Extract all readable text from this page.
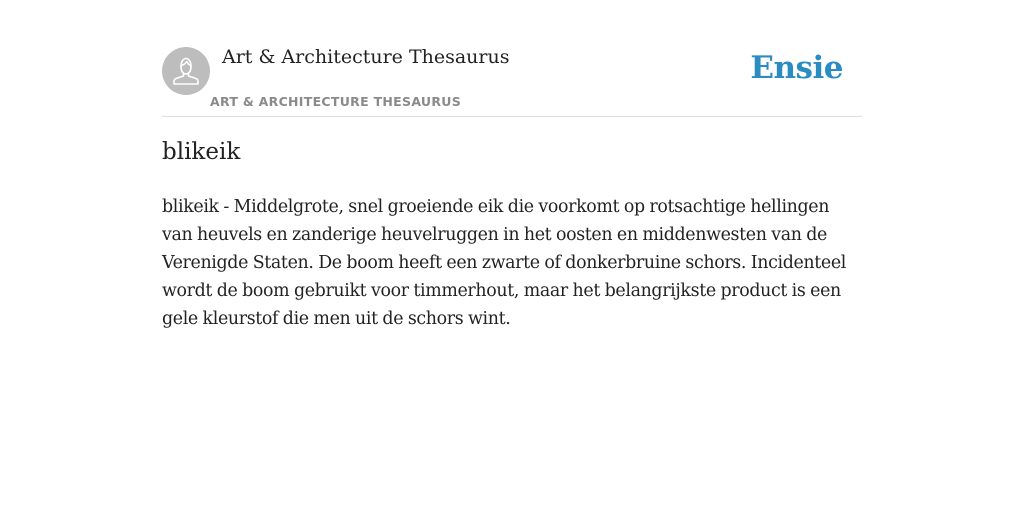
Art & Architecture Thesaurus
ART & ARCHITECTURE THESAURUS
Ensie
blikeik

blikeik - Middelgrote, snel groeiende eik die voorkomt op rotsachtige hellingen van heuvels en zanderige heuvelruggen in het oosten en middenwesten van de Verenigde Staten. De boom heeft een zwarte of donkerbruine schors. Incidenteel wordt de boom gebruikt voor timmerhout, maar het belangrijkste product is een gele kleurstof die men uit de schors wint.
